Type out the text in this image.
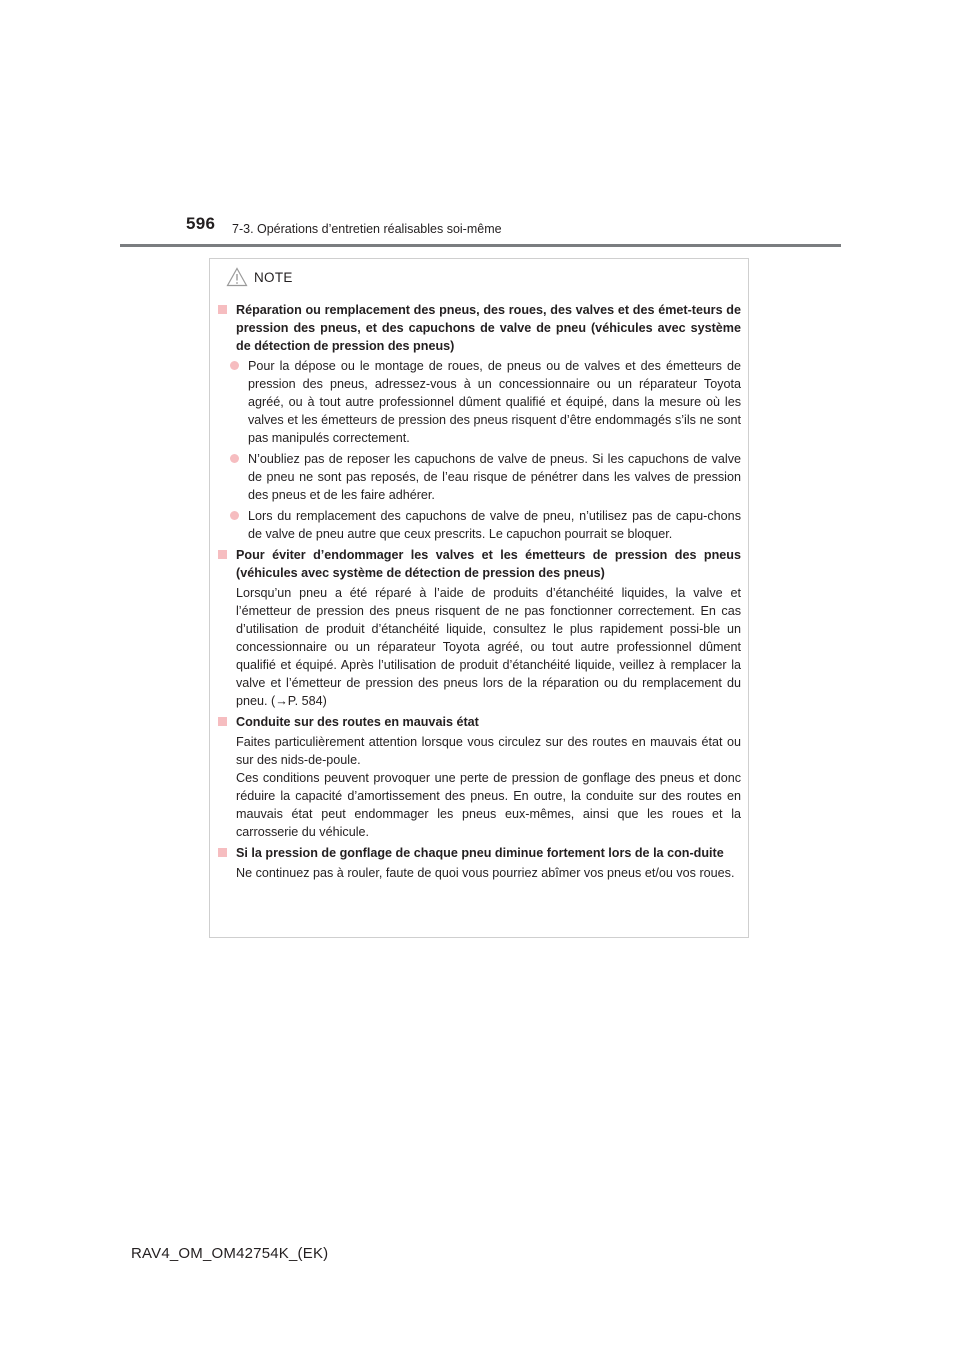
596 7-3. Opérations d’entretien réalisables soi-même
NOTE
Réparation ou remplacement des pneus, des roues, des valves et des émet-teurs de pression des pneus, et des capuchons de valve de pneu (véhicules avec système de détection de pression des pneus)
Pour la dépose ou le montage de roues, de pneus ou de valves et des émetteurs de pression des pneus, adressez-vous à un concessionnaire ou un réparateur Toyota agréé, ou à tout autre professionnel dûment qualifié et équipé, dans la mesure où les valves et les émetteurs de pression des pneus risquent d’être endommagés s’ils ne sont pas manipulés correctement.
N’oubliez pas de reposer les capuchons de valve de pneus. Si les capuchons de valve de pneu ne sont pas reposés, de l’eau risque de pénétrer dans les valves de pression des pneus et de les faire adhérer.
Lors du remplacement des capuchons de valve de pneu, n’utilisez pas de capu-chons de valve de pneu autre que ceux prescrits. Le capuchon pourrait se bloquer.
Pour éviter d’endommager les valves et les émetteurs de pression des pneus (véhicules avec système de détection de pression des pneus)
Lorsqu’un pneu a été réparé à l’aide de produits d’étanchéité liquides, la valve et l’émetteur de pression des pneus risquent de ne pas fonctionner correctement. En cas d’utilisation de produit d’étanchéité liquide, consultez le plus rapidement possi-ble un concessionnaire ou un réparateur Toyota agréé, ou tout autre professionnel dûment qualifié et équipé. Après l’utilisation de produit d’étanchéité liquide, veillez à remplacer la valve et l’émetteur de pression des pneus lors de la réparation ou du remplacement du pneu. (→P. 584)
Conduite sur des routes en mauvais état
Faites particulièrement attention lorsque vous circulez sur des routes en mauvais état ou sur des nids-de-poule.
Ces conditions peuvent provoquer une perte de pression de gonflage des pneus et donc réduire la capacité d’amortissement des pneus. En outre, la conduite sur des routes en mauvais état peut endommager les pneus eux-mêmes, ainsi que les roues et la carrosserie du véhicule.
Si la pression de gonflage de chaque pneu diminue fortement lors de la con-duite
Ne continuez pas à rouler, faute de quoi vous pourriez abîmer vos pneus et/ou vos roues.
RAV4_OM_OM42754K_(EK)
